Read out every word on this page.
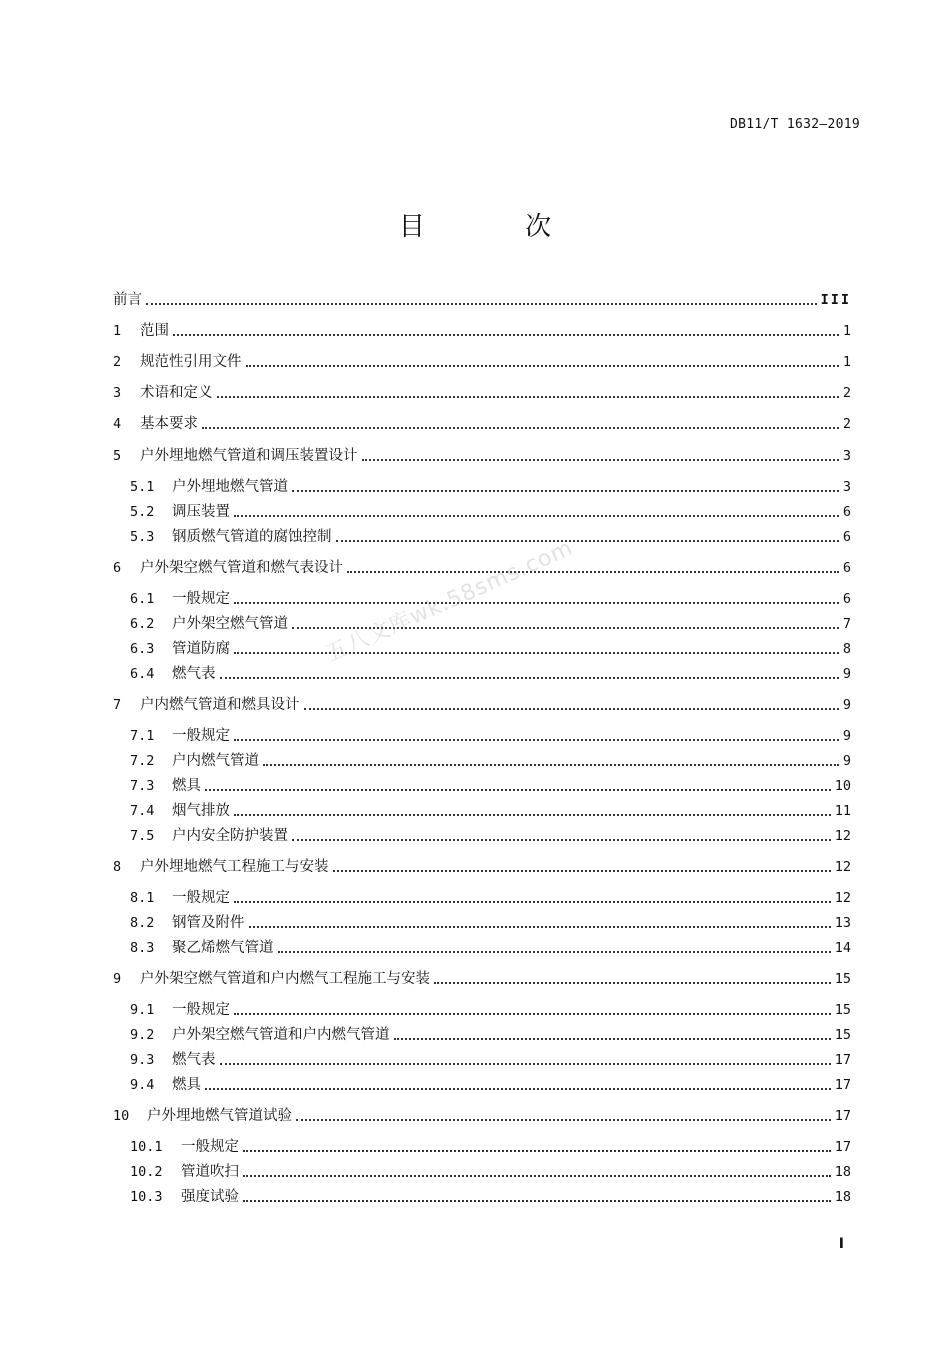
DB11/T 1632—2019
目 次
前言	III
1	范围	1
2	规范性引用文件	1
3	术语和定义	2
4	基本要求	2
5	户外埋地燃气管道和调压装置设计	3
5.1	户外埋地燃气管道	3
5.2	调压装置	6
5.3	钢质燃气管道的腐蚀控制	6
6	户外架空燃气管道和燃气表设计	6
6.1	一般规定	6
6.2	户外架空燃气管道	7
6.3	管道防腐	8
6.4	燃气表	9
7	户内燃气管道和燃具设计	9
7.1	一般规定	9
7.2	户内燃气管道	9
7.3	燃具	10
7.4	烟气排放	11
7.5	户内安全防护装置	12
8	户外埋地燃气工程施工与安装	12
8.1	一般规定	12
8.2	钢管及附件	13
8.3	聚乙烯燃气管道	14
9	户外架空燃气管道和户内燃气工程施工与安装	15
9.1	一般规定	15
9.2	户外架空燃气管道和户内燃气管道	15
9.3	燃气表	17
9.4	燃具	17
10	户外埋地燃气管道试验	17
10.1	一般规定	17
10.2	管道吹扫	18
10.3	强度试验	18
五八文库wk.58sms.com
I
